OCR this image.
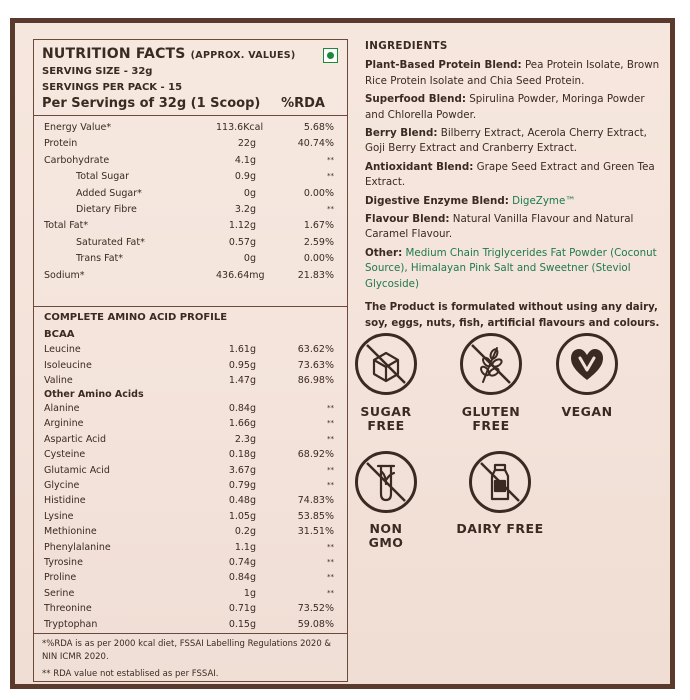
NUTRITION FACTS (APPROX. VALUES)
SERVING SIZE - 32g
SERVINGS PER PACK - 15
Per Servings of 32g (1 Scoop) %RDA
Energy Value*	113.6Kcal	5.68%
Protein	22g	40.74%
Carbohydrate	4.1g	**
Total Sugar	0.9g	**
Added Sugar*	0g	0.00%
Dietary Fibre	3.2g	**
Total Fat*	1.12g	1.67%
Saturated Fat*	0.57g	2.59%
Trans Fat*	0g	0.00%
Sodium*	436.64mg	21.83%
COMPLETE AMINO ACID PROFILE
BCAA
Leucine	1.61g	63.62%
Isoleucine	0.95g	73.63%
Valine	1.47g	86.98%
Other Amino Acids
Alanine	0.84g	**
Arginine	1.66g	**
Aspartic Acid	2.3g	**
Cysteine	0.18g	68.92%
Glutamic Acid	3.67g	**
Glycine	0.79g	**
Histidine	0.48g	74.83%
Lysine	1.05g	53.85%
Methionine	0.2g	31.51%
Phenylalanine	1.1g	**
Tyrosine	0.74g	**
Proline	0.84g	**
Serine	1g	**
Threonine	0.71g	73.52%
Tryptophan	0.15g	59.08%
*%RDA is as per 2000 kcal diet, FSSAI Labelling Regulations 2020 & NIN ICMR 2020.
** RDA value not establised as per FSSAI.
INGREDIENTS
Plant-Based Protein Blend: Pea Protein Isolate, Brown Rice Protein Isolate and Chia Seed Protein.
Superfood Blend: Spirulina Powder, Moringa Powder and Chlorella Powder.
Berry Blend: Bilberry Extract, Acerola Cherry Extract, Goji Berry Extract and Cranberry Extract.
Antioxidant Blend: Grape Seed Extract and Green Tea Extract.
Digestive Enzyme Blend: DigeZyme™
Flavour Blend: Natural Vanilla Flavour and Natural Caramel Flavour.
Other: Medium Chain Triglycerides Fat Powder (Coconut Source), Himalayan Pink Salt and Sweetner (Steviol Glycoside)
The Product is formulated without using any dairy, soy, eggs, nuts, fish, artificial flavours and colours.
SUGAR FREE
GLUTEN FREE
VEGAN
NON GMO
DAIRY FREE
